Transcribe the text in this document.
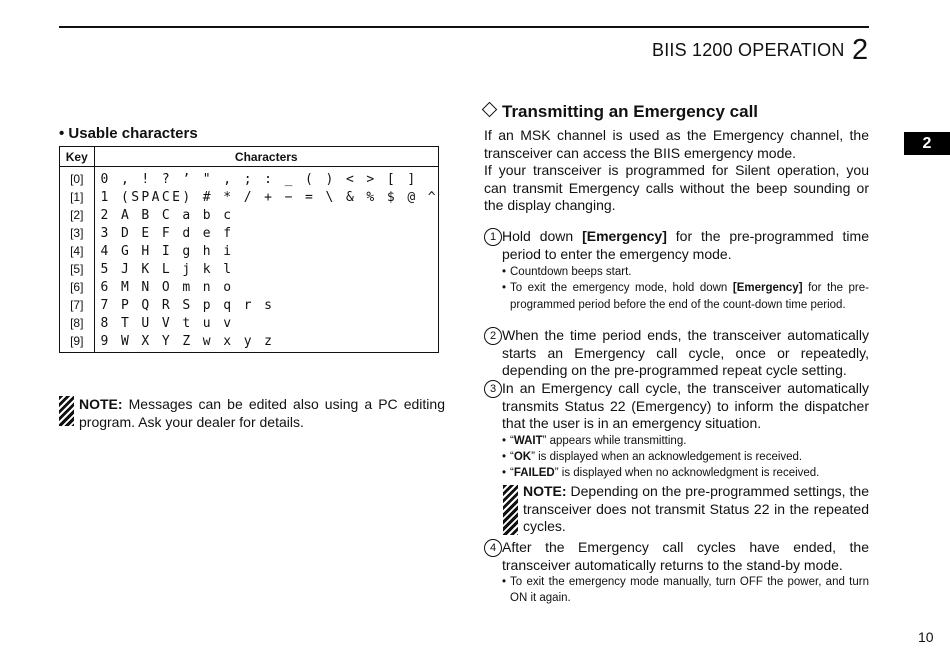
BIIS 1200 OPERATION 2
2
• Usable characters
Key	Characters
[0]	0 , ! ? ’ " , ; : _ ( ) < > [ ]
[1]	1 (SPACE) # * / + − = \ & % $ @ ^
[2]	2 A B C a b c
[3]	3 D E F d e f
[4]	4 G H I g h i
[5]	5 J K L j k l
[6]	6 M N O m n o
[7]	7 P Q R S p q r s
[8]	8 T U V t u v
[9]	9 W X Y Z w x y z
NOTE: Messages can be edited also using a PC editing program. Ask your dealer for details.
Transmitting an Emergency call
If an MSK channel is used as the Emergency channel, the transceiver can access the BIIS emergency mode.
If your transceiver is programmed for Silent operation, you can transmit Emergency calls without the beep sounding or the display changing.
1 Hold down [Emergency] for the pre-programmed time period to enter the emergency mode.
• Countdown beeps start.
• To exit the emergency mode, hold down [Emergency] for the pre-programmed period before the end of the count-down time period.
2 When the time period ends, the transceiver automatically starts an Emergency call cycle, once or repeatedly, depending on the pre-programmed repeat cycle setting.
3 In an Emergency call cycle, the transceiver automatically transmits Status 22 (Emergency) to inform the dispatcher that the user is in an emergency situation.
• “WAIT” appears while transmitting.
• “OK” is displayed when an acknowledgement is received.
• “FAILED” is displayed when no acknowledgment is received.
NOTE: Depending on the pre-programmed settings, the transceiver does not transmit Status 22 in the repeated cycles.
4 After the Emergency call cycles have ended, the transceiver automatically returns to the stand-by mode.
• To exit the emergency mode manually, turn OFF the power, and turn ON it again.
10
